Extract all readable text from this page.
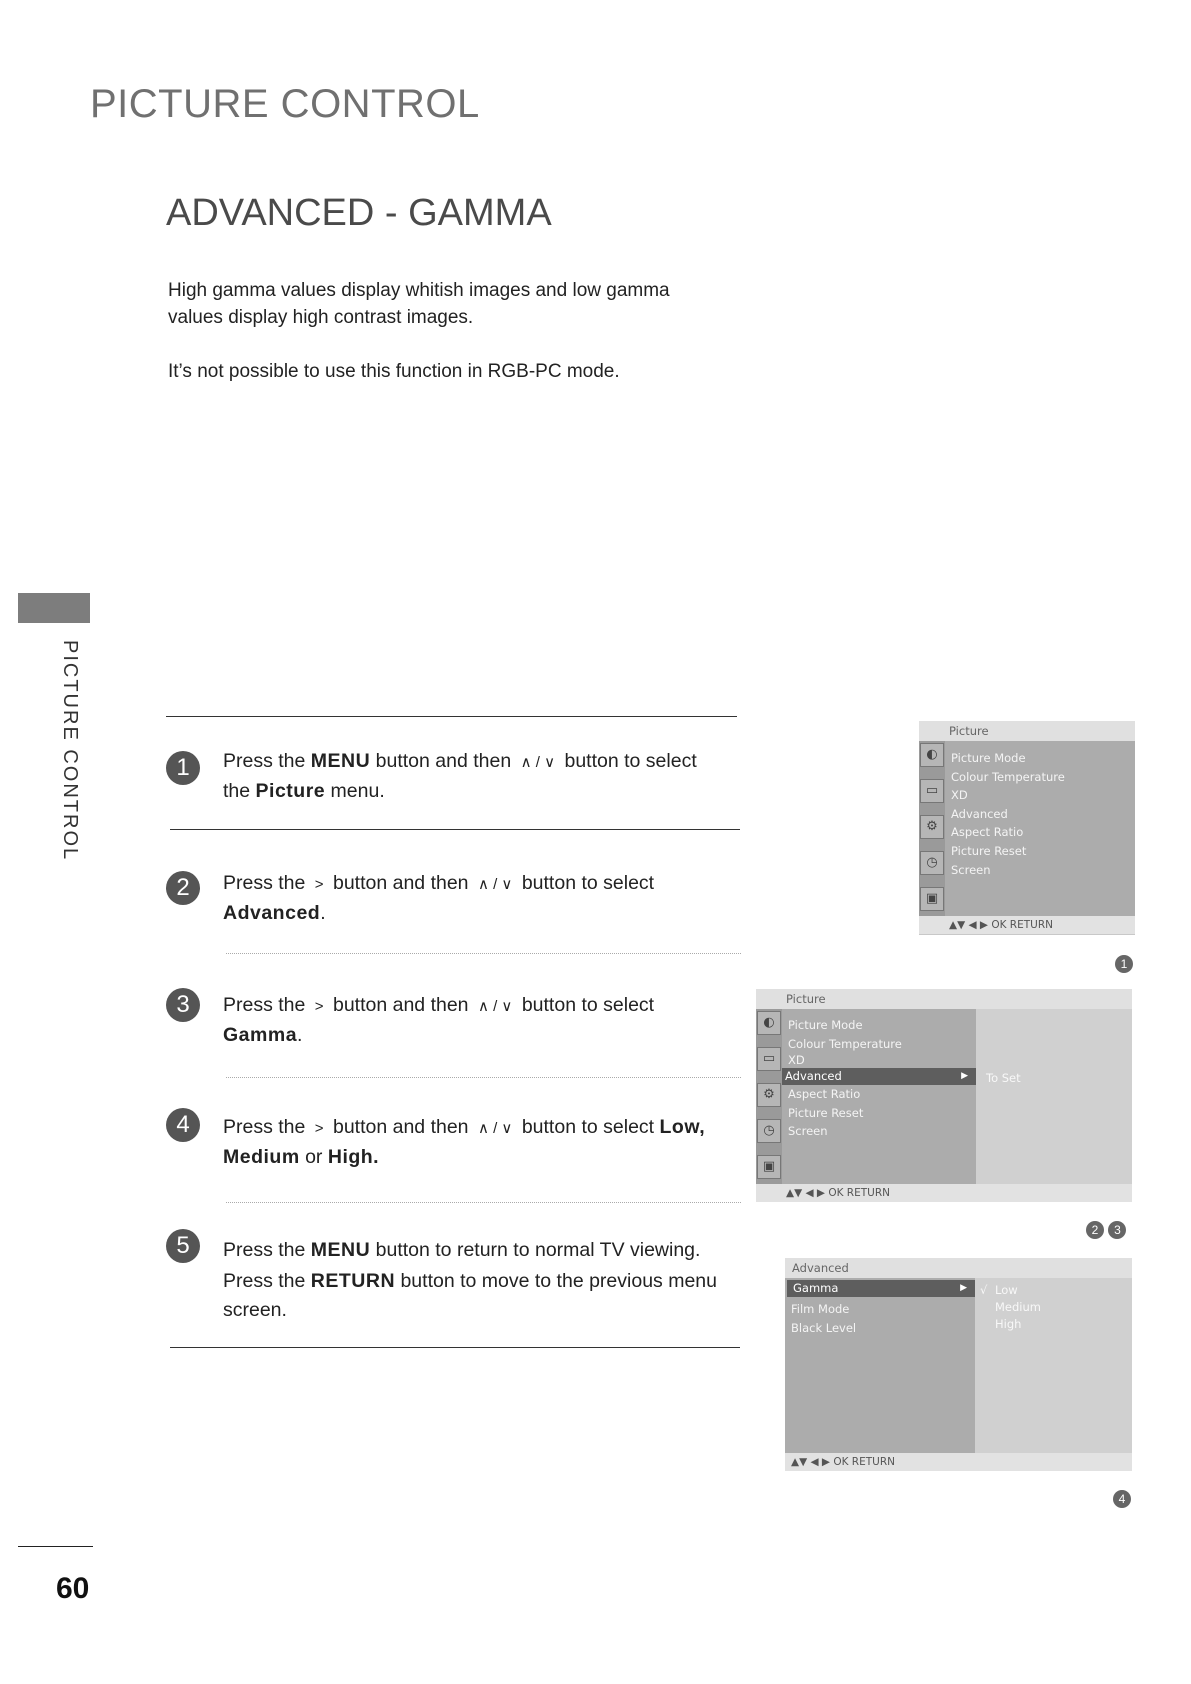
PICTURE CONTROL
ADVANCED - GAMMA
High gamma values display whitish images and low gamma
values display high contrast images.
It’s not possible to use this function in RGB-PC mode.
PICTURE CONTROL
60
1	Press the MENU button and then ∧ / ∨ button to select
the Picture menu.
2	Press the > button and then ∧ / ∨ button to select
Advanced.
3	Press the > button and then ∧ / ∨ button to select
Gamma.
4	Press the > button and then ∧ / ∨ button to select Low,
Medium or High.
5	Press the MENU button to return to normal TV viewing.
Press the RETURN button to move to the previous menu
screen.
Picture
◐
▭
⚙
◷
▣
Picture Mode
Colour Temperature
XD
Advanced
Aspect Ratio
Picture Reset
Screen
▲▼ ◀ ▶ OK RETURN
1
Picture
◐
▭
⚙
◷
▣
Picture Mode
Colour Temperature
XD
Advanced	▶
Aspect Ratio
Picture Reset
Screen
To Set
▲▼ ◀ ▶ OK RETURN
2 3
Advanced
Gamma	▶
Film Mode
Black Level
√ Low
Medium
High
▲▼ ◀ ▶ OK RETURN
4
